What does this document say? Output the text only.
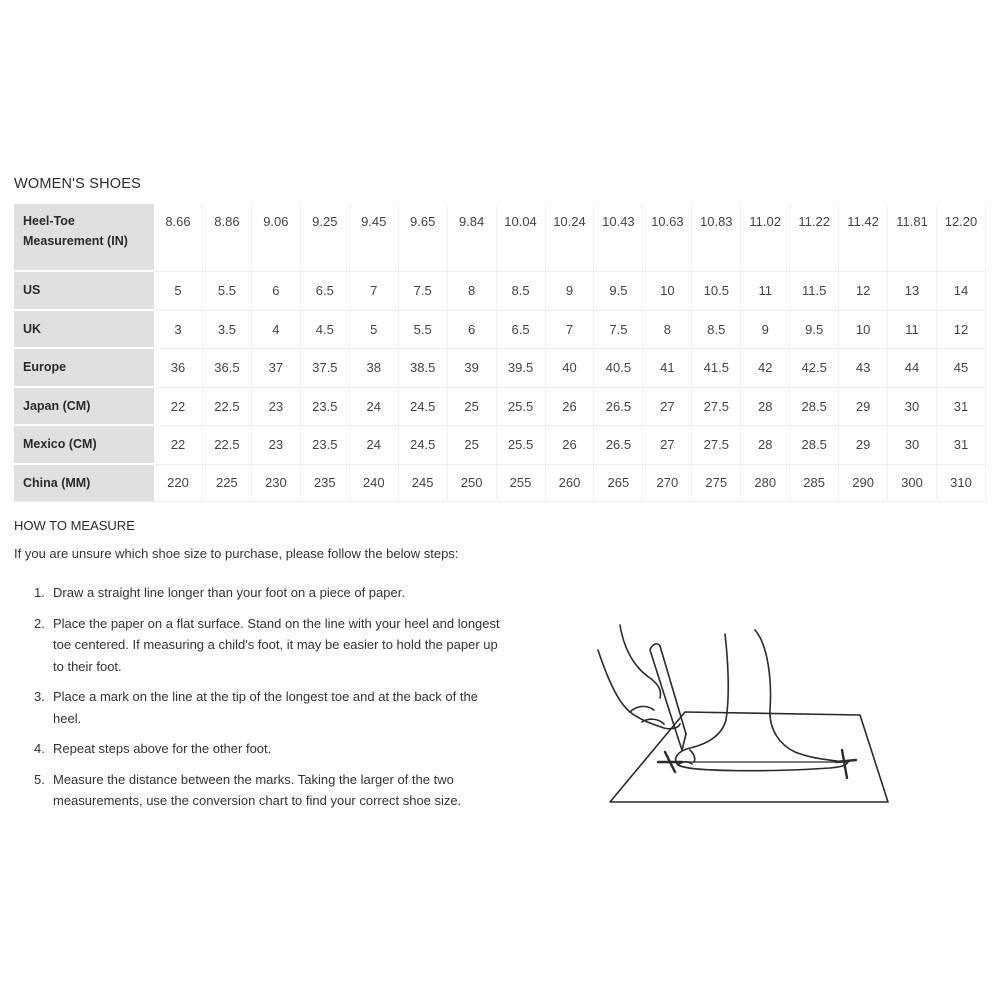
WOMEN'S SHOES
Heel-Toe
Measurement (IN)	8.66	8.86	9.06	9.25	9.45	9.65	9.84	10.04	10.24	10.43	10.63	10.83	11.02	11.22	11.42	11.81	12.20
US	5	5.5	6	6.5	7	7.5	8	8.5	9	9.5	10	10.5	11	11.5	12	13	14
UK	3	3.5	4	4.5	5	5.5	6	6.5	7	7.5	8	8.5	9	9.5	10	11	12
Europe	36	36.5	37	37.5	38	38.5	39	39.5	40	40.5	41	41.5	42	42.5	43	44	45
Japan (CM)	22	22.5	23	23.5	24	24.5	25	25.5	26	26.5	27	27.5	28	28.5	29	30	31
Mexico (CM)	22	22.5	23	23.5	24	24.5	25	25.5	26	26.5	27	27.5	28	28.5	29	30	31
China (MM)	220	225	230	235	240	245	250	255	260	265	270	275	280	285	290	300	310
HOW TO MEASURE
If you are unsure which shoe size to purchase, please follow the below steps:
1. Draw a straight line longer than your foot on a piece of paper.
2. Place the paper on a flat surface. Stand on the line with your heel and longest toe centered. If measuring a child's foot, it may be easier to hold the paper up to their foot.
3. Place a mark on the line at the tip of the longest toe and at the back of the heel.
4. Repeat steps above for the other foot.
5. Measure the distance between the marks. Taking the larger of the two measurements, use the conversion chart to find your correct shoe size.
